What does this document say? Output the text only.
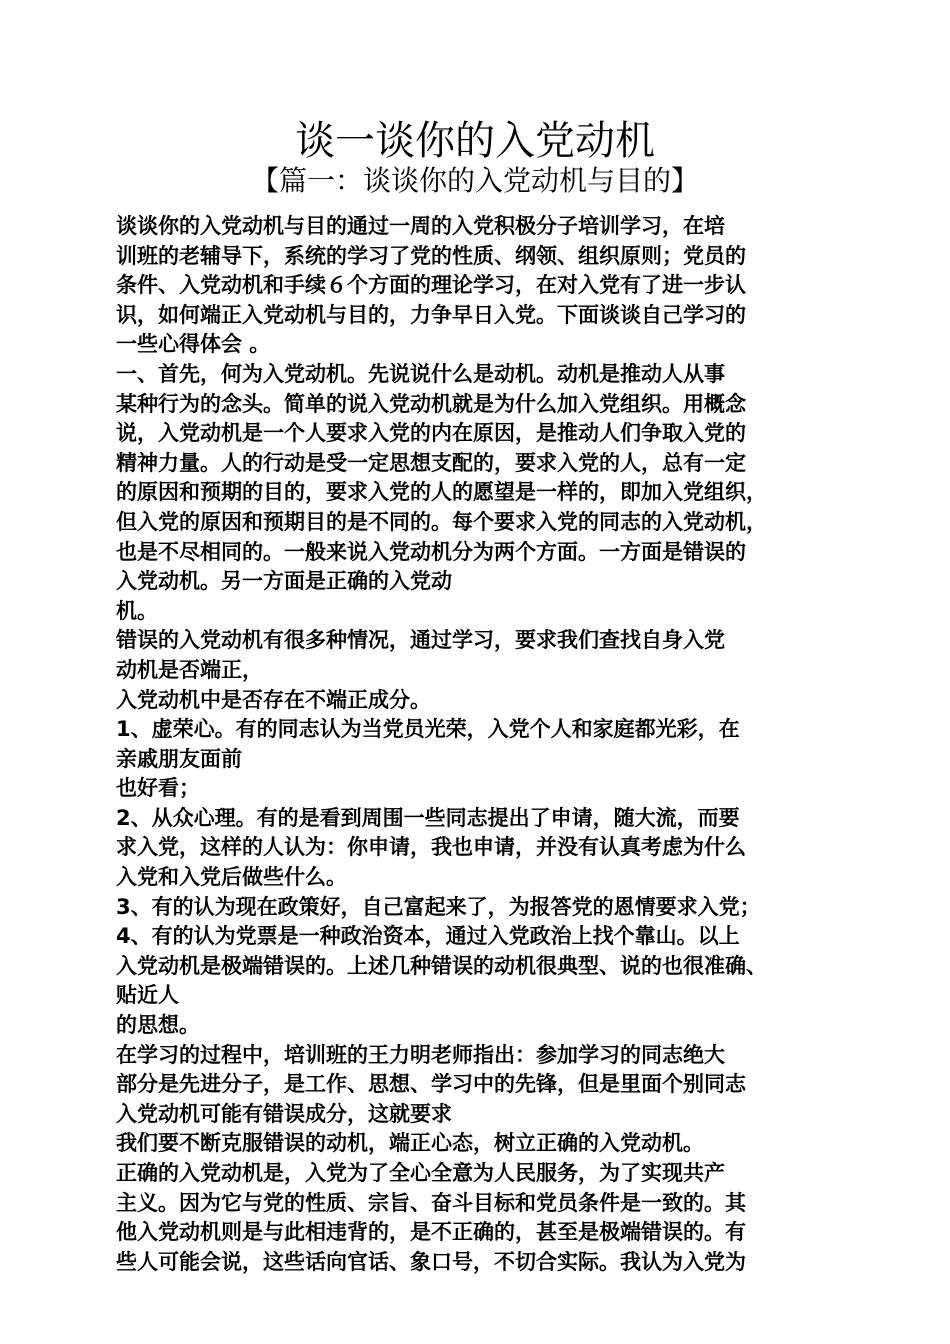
谈一谈你的入党动机
【篇一：谈谈你的入党动机与目的】
谈谈你的入党动机与目的通过一周的入党积极分子培训学习，在培
训班的老辅导下，系统的学习了党的性质、纲领、组织原则；党员的
条件、入党动机和手续６个方面的理论学习，在对入党有了进一步认
识，如何端正入党动机与目的，力争早日入党。下面谈谈自己学习的
一些心得体会 。
一、首先，何为入党动机。先说说什么是动机。动机是推动人从事
某种行为的念头。简单的说入党动机就是为什么加入党组织。用概念
说，入党动机是一个人要求入党的内在原因，是推动人们争取入党的
精神力量。人的行动是受一定思想支配的，要求入党的人，总有一定
的原因和预期的目的，要求入党的人的愿望是一样的，即加入党组织，
但入党的原因和预期目的是不同的。每个要求入党的同志的入党动机，
也是不尽相同的。一般来说入党动机分为两个方面。一方面是错误的
入党动机。另一方面是正确的入党动
机。
错误的入党动机有很多种情况，通过学习，要求我们查找自身入党
动机是否端正，
入党动机中是否存在不端正成分。
1、虚荣心。有的同志认为当党员光荣，入党个人和家庭都光彩，在
亲戚朋友面前
也好看；
2、从众心理。有的是看到周围一些同志提出了申请，随大流，而要
求入党，这样的人认为：你申请，我也申请，并没有认真考虑为什么
入党和入党后做些什么。
3、有的认为现在政策好，自己富起来了，为报答党的恩情要求入党；
4、有的认为党票是一种政治资本，通过入党政治上找个靠山。以上
入党动机是极端错误的。上述几种错误的动机很典型、说的也很准确、
贴近人
的思想。
在学习的过程中，培训班的王力明老师指出：参加学习的同志绝大
部分是先进分子，是工作、思想、学习中的先锋，但是里面个别同志
入党动机可能有错误成分，这就要求
我们要不断克服错误的动机，端正心态，树立正确的入党动机。
正确的入党动机是，入党为了全心全意为人民服务，为了实现共产
主义。因为它与党的性质、宗旨、奋斗目标和党员条件是一致的。其
他入党动机则是与此相违背的，是不正确的，甚至是极端错误的。有
些人可能会说，这些话向官话、象口号，不切合实际。我认为入党为
